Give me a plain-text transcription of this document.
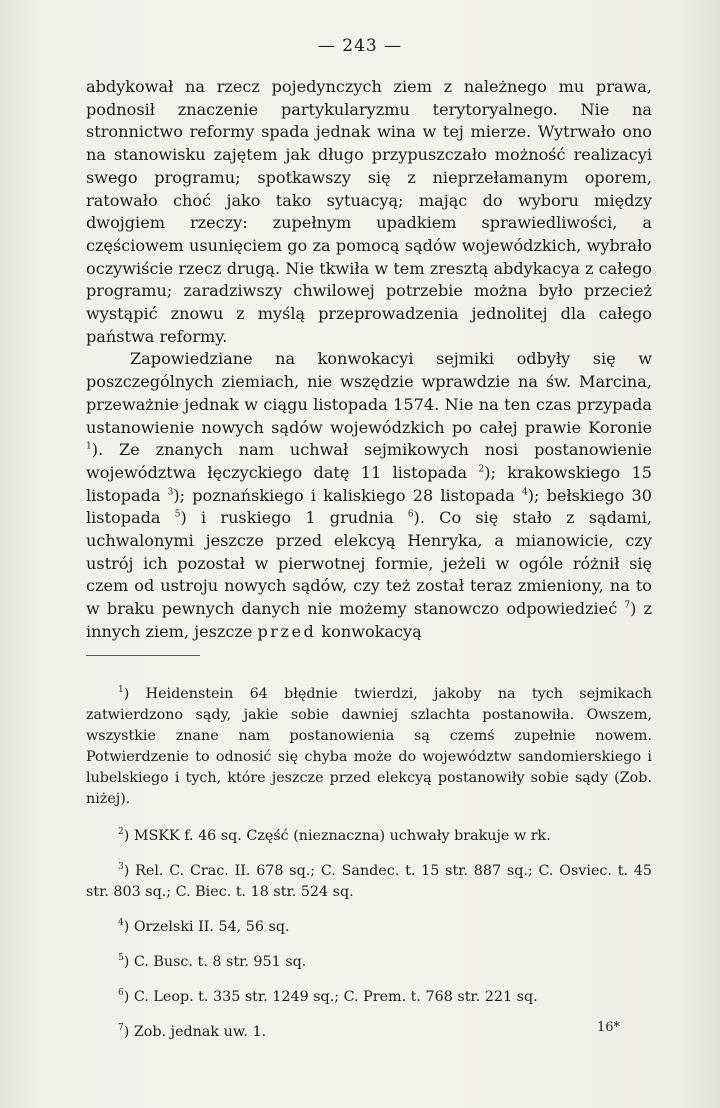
— 243 —

abdykował na rzecz pojedynczych ziem z należnego mu prawa, podnosił znaczenie partykularyzmu terytoryalnego. Nie na stronnictwo reformy spada jednak wina w tej mierze. Wytrwało ono na stanowisku zajętem jak długo przypuszczało możność realizacyi swego programu; spotkawszy się z nieprzełamanym oporem, ratowało choć jako tako sytuacyą; mając do wyboru między dwojgiem rzeczy: zupełnym upadkiem sprawiedliwości, a częściowem usunięciem go za pomocą sądów wojewódzkich, wybrało oczywiście rzecz drugą. Nie tkwiła w tem zresztą abdykacya z całego programu; zaradziwszy chwilowej potrzebie można było przecież wystąpić znowu z myślą przeprowadzenia jednolitej dla całego państwa reformy.

Zapowiedziane na konwokacyi sejmiki odbyły się w poszczególnych ziemiach, nie wszędzie wprawdzie na św. Marcina, przeważnie jednak w ciągu listopada 1574. Nie na ten czas przypada ustanowienie nowych sądów wojewódzkich po całej prawie Koronie $^1$). Ze znanych nam uchwał sejmikowych nosi postanowienie województwa łęczyckiego datę 11 listopada $^2$); krakowskiego 15 listopada $^3$); poznańskiego i kaliskiego 28 listopada $^4$); bełskiego 30 listopada $^5$) i ruskiego 1 grudnia $^6$). Co się stało z sądami, uchwalonymi jeszcze przed elekcyą Henryka, a mianowicie, czy ustrój ich pozostał w pierwotnej formie, jeżeli w ogóle różnił się czem od ustroju nowych sądów, czy też został teraz zmieniony, na to w braku pewnych danych nie możemy stanowczo odpowiedzieć $^7$) z innych ziem, jeszcze przed konwokacyą

$^1$) Heidenstein 64 błędnie twierdzi, jakoby na tych sejmikach zatwierdzono sądy, jakie sobie dawniej szlachta postanowiła. Owszem, wszystkie znane nam postanowienia są czemś zupełnie nowem. Potwierdzenie to odnosić się chyba może do województw sandomierskiego i lubelskiego i tych, które jeszcze przed elekcyą postanowiły sobie sądy (Zob. niżej).

$^2$) MSKK f. 46 sq. Część (nieznaczna) uchwały brakuje w rk.

$^3$) Rel. C. Crac. II. 678 sq.; C. Sandec. t. 15 str. 887 sq.; C. Osviec. t. 45 str. 803 sq.; C. Biec. t. 18 str. 524 sq.

$^4$) Orzelski II. 54, 56 sq.

$^5$) C. Busc. t. 8 str. 951 sq.

$^6$) C. Leop. t. 335 str. 1249 sq.; C. Prem. t. 768 str. 221 sq.

$^7$) Zob. jednak uw. 1.	16*
